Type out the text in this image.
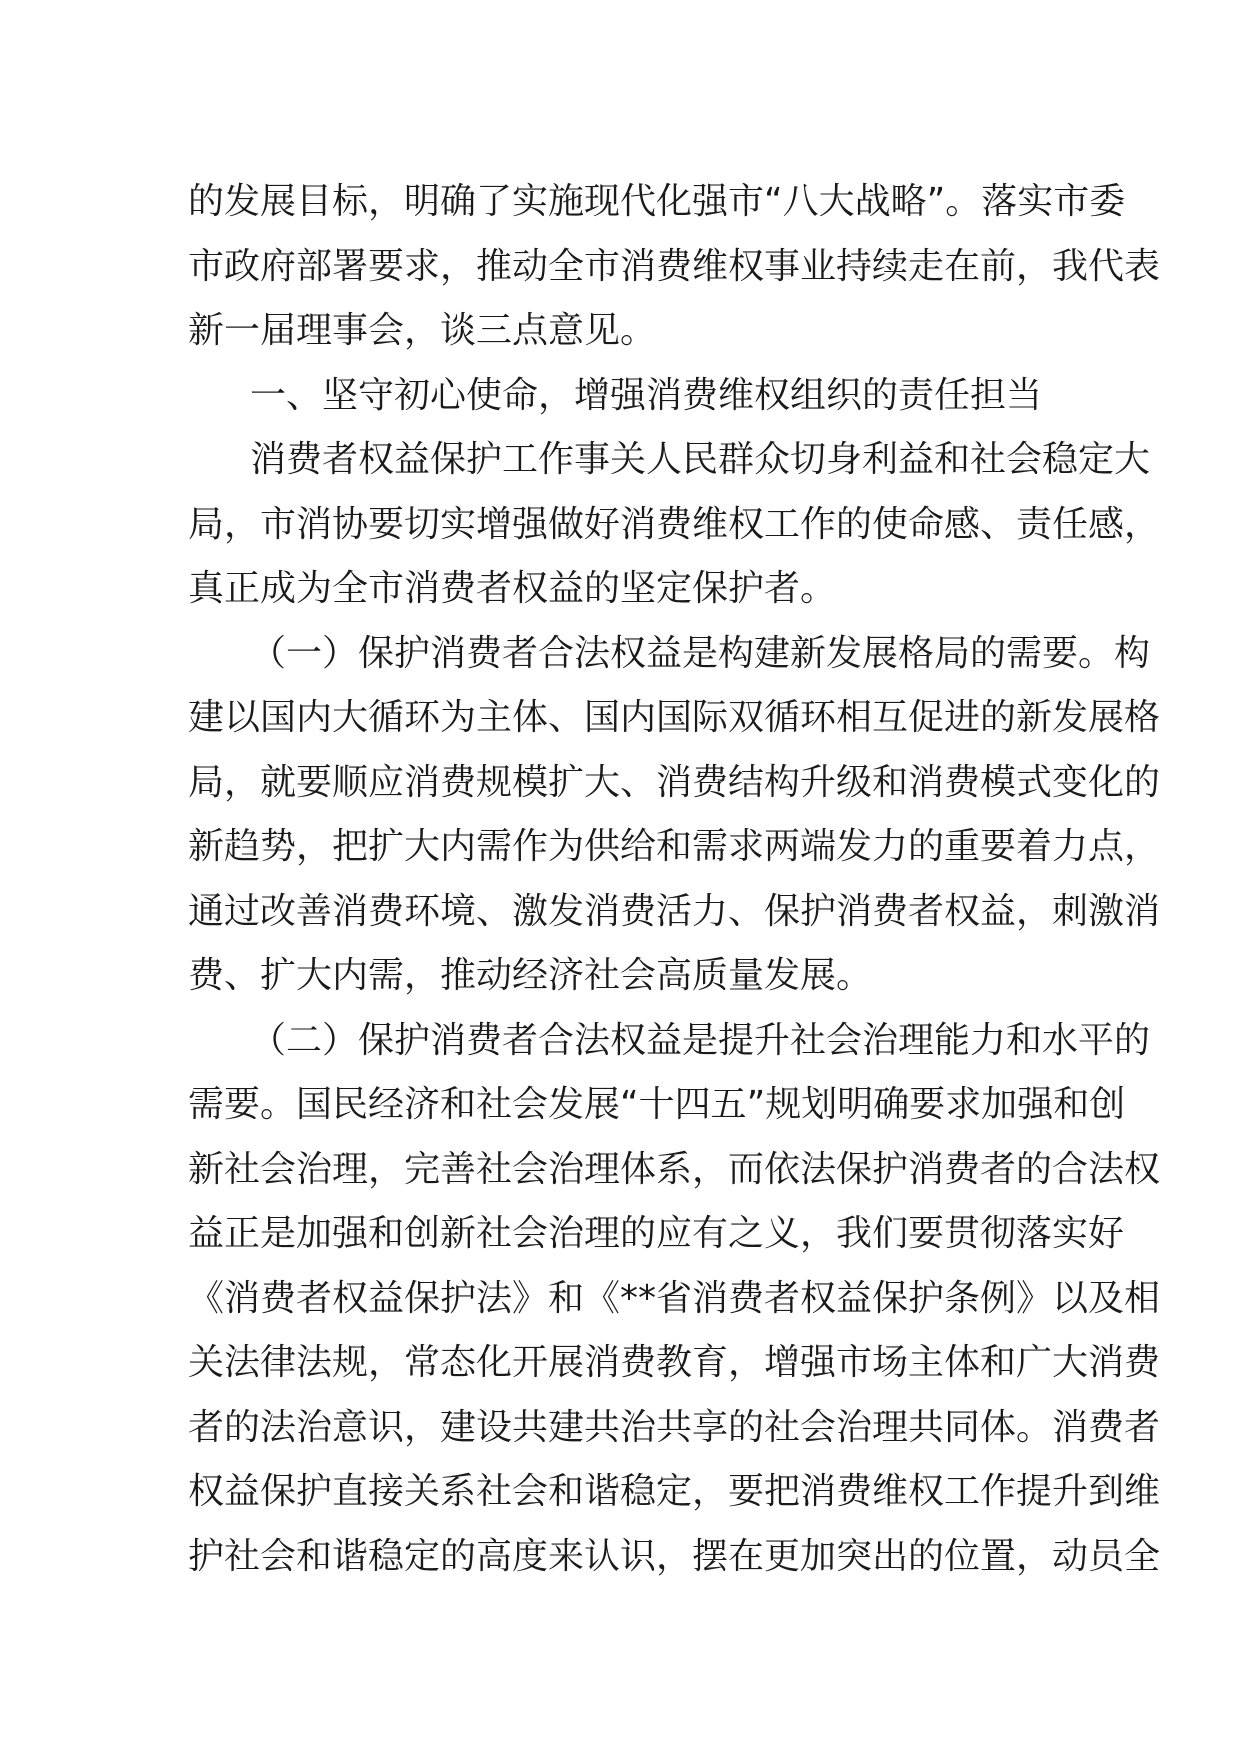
的发展目标，明确了实施现代化强市“八大战略”。落实市委
市政府部署要求，推动全市消费维权事业持续走在前，我代表
新一届理事会，谈三点意见。
一、坚守初心使命，增强消费维权组织的责任担当
消费者权益保护工作事关人民群众切身利益和社会稳定大
局，市消协要切实增强做好消费维权工作的使命感、责任感，
真正成为全市消费者权益的坚定保护者。
（一）保护消费者合法权益是构建新发展格局的需要。构
建以国内大循环为主体、国内国际双循环相互促进的新发展格
局，就要顺应消费规模扩大、消费结构升级和消费模式变化的
新趋势，把扩大内需作为供给和需求两端发力的重要着力点，
通过改善消费环境、激发消费活力、保护消费者权益，刺激消
费、扩大内需，推动经济社会高质量发展。
（二）保护消费者合法权益是提升社会治理能力和水平的
需要。国民经济和社会发展“十四五”规划明确要求加强和创
新社会治理，完善社会治理体系，而依法保护消费者的合法权
益正是加强和创新社会治理的应有之义，我们要贯彻落实好
《消费者权益保护法》和《**省消费者权益保护条例》以及相
关法律法规，常态化开展消费教育，增强市场主体和广大消费
者的法治意识，建设共建共治共享的社会治理共同体。消费者
权益保护直接关系社会和谐稳定，要把消费维权工作提升到维
护社会和谐稳定的高度来认识，摆在更加突出的位置，动员全
